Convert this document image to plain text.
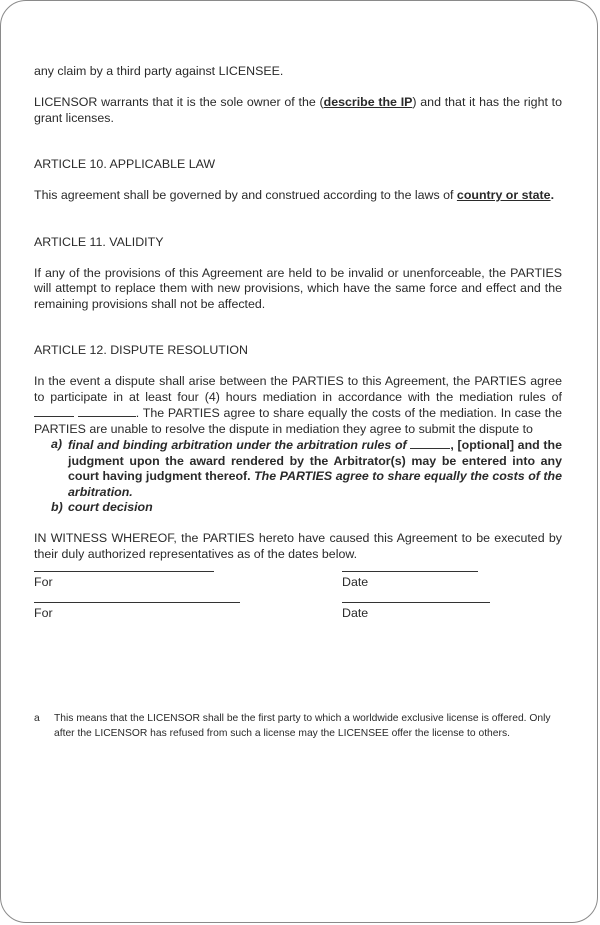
any claim by a third party against LICENSEE.

LICENSOR warrants that it is the sole owner of the (describe the IP) and that it has the right to grant licenses.

ARTICLE 10. APPLICABLE LAW

This agreement shall be governed by and construed according to the laws of country or state.

ARTICLE 11. VALIDITY

If any of the provisions of this Agreement are held to be invalid or unenforceable, the PARTIES will attempt to replace them with new provisions, which have the same force and effect and the remaining provisions shall not be affected.

ARTICLE 12. DISPUTE RESOLUTION

In the event a dispute shall arise between the PARTIES to this Agreement, the PARTIES agree to participate in at least four (4) hours mediation in accordance with the mediation rules of  . The PARTIES agree to share equally the costs of the mediation. In case the PARTIES are unable to resolve the dispute in mediation they agree to submit the dispute to

a) final and binding arbitration under the arbitration rules of	, [optional] and the judgment upon the award rendered by the Arbitrator(s) may be entered into any court having judgment thereof. The PARTIES agree to share equally the costs of the arbitration.
b) court decision

IN WITNESS WHEREOF, the PARTIES hereto have caused this Agreement to be executed by their duly authorized representatives as of the dates below.

For	Date
For	Date
a This means that the LICENSOR shall be the first party to which a worldwide exclusive license is offered. Only after the LICENSOR has refused from such a license may the LICENSEE offer the license to others.
